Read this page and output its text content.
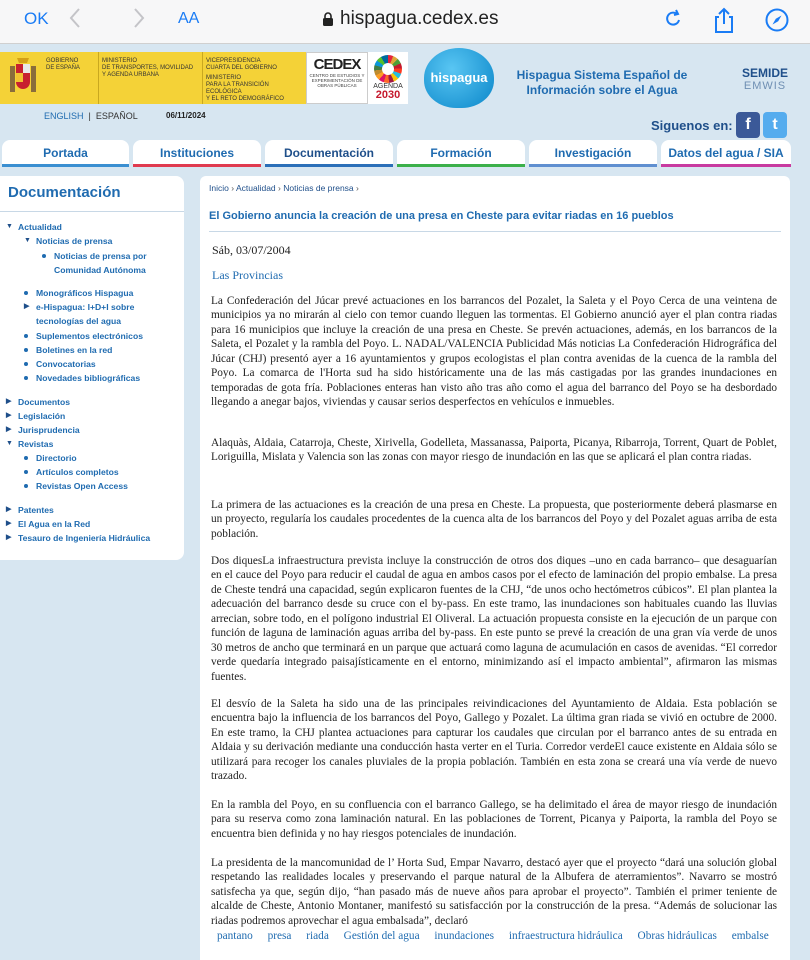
OK	AA	hispagua.cedex.es
GOBIERNO
DE ESPAÑA
MINISTERIO
DE TRANSPORTES, MOVILIDAD
Y AGENDA URBANA
VICEPRESIDENCIA
CUARTA DEL GOBIERNO
MINISTERIO
PARA LA TRANSICIÓN ECOLÓGICA
Y EL RETO DEMOGRÁFICO
CEDEX
CENTRO DE ESTUDIOS Y EXPERIMENTACIÓN DE OBRAS PÚBLICAS	AGENDA
2030
hispagua	Hispagua Sistema Español de Información sobre el Agua
SEMIDE
EMWIS
ENGLISH | ESPAÑOL	06/11/2024
Siguenos en: f	t
Portada	Instituciones	Documentación	Formación	Investigación	Datos del agua / SIA
Documentación
▼ Actualidad
▼ Noticias de prensa
Noticias de prensa por
Comunidad Autónoma
Monográficos Hispagua
▶ e-Hispagua: I+D+I sobre
tecnologías del agua
Suplementos electrónicos
Boletines en la red
Convocatorias
Novedades bibliográficas
▶ Documentos
▶ Legislación
▶ Jurisprudencia
▼ Revistas
Directorio
Artículos completos
Revistas Open Access
▶ Patentes
▶ El Agua en la Red
▶ Tesauro de Ingeniería Hidráulica
Inicio › Actualidad › Noticias de prensa ›
El Gobierno anuncia la creación de una presa en Cheste para evitar riadas en 16 pueblos
Sáb, 03/07/2004
Las Provincias

La Confederación del Júcar prevé actuaciones en los barrancos del Pozalet, la Saleta y el Poyo Cerca de una veintena de municipios ya no mirarán al cielo con temor cuando lleguen las tormentas. El Gobierno anunció ayer el plan contra riadas para 16 municipios que incluye la creación de una presa en Cheste. Se prevén actuaciones, además, en los barrancos de la Saleta, el Pozalet y la rambla del Poyo. L. NADAL/VALENCIA Publicidad Más noticias La Confederación Hidrográfica del Júcar (CHJ) presentó ayer a 16 ayuntamientos y grupos ecologistas el plan contra avenidas de la cuenca de la rambla del Poyo. La comarca de l'Horta sud ha sido históricamente una de las más castigadas por las grandes inundaciones en temporadas de gota fría. Poblaciones enteras han visto año tras año como el agua del barranco del Poyo se ha desbordado llegando a anegar bajos, viviendas y causar serios desperfectos en vehículos e inmuebles.

Alaquàs, Aldaia, Catarroja, Cheste, Xirivella, Godelleta, Massanassa, Paiporta, Picanya, Ribarroja, Torrent, Quart de Poblet, Loriguilla, Mislata y Valencia son las zonas con mayor riesgo de inundación en las que se aplicará el plan contra riadas.

La primera de las actuaciones es la creación de una presa en Cheste. La propuesta, que posteriormente deberá plasmarse en un proyecto, regularía los caudales procedentes de la cuenca alta de los barrancos del Poyo y del Pozalet aguas arriba de esta población.

Dos diquesLa infraestructura prevista incluye la construcción de otros dos diques –uno en cada barranco– que desaguarían en el cauce del Poyo para reducir el caudal de agua en ambos casos por el efecto de laminación del propio embalse. La presa de Cheste tendrá una capacidad, según explicaron fuentes de la CHJ, “de unos ocho hectómetros cúbicos”. El plan plantea la adecuación del barranco desde su cruce con el by-pass. En este tramo, las inundaciones son habituales cuando las lluvias arrecian, sobre todo, en el polígono industrial El Oliveral. La actuación propuesta consiste en la ejecución de un parque con función de laguna de laminación aguas arriba del by-pass. En este punto se prevé la creación de una gran vía verde de unos 30 metros de ancho que terminará en un parque que actuará como laguna de acumulación en casos de avenidas. “El corredor verde quedaría integrado paisajísticamente en el entorno, minimizando así el impacto ambiental”, afirmaron las mismas fuentes.

El desvío de la Saleta ha sido una de las principales reivindicaciones del Ayuntamiento de Aldaia. Esta población se encuentra bajo la influencia de los barrancos del Poyo, Gallego y Pozalet. La última gran riada se vivió en octubre de 2000. En este tramo, la CHJ plantea actuaciones para capturar los caudales que circulan por el barranco antes de su entrada en Aldaia y su derivación mediante una conducción hasta verter en el Turia. Corredor verdeEl cauce existente en Aldaia sólo se utilizará para recoger los canales pluviales de la propia población. También en esta zona se creará una vía verde de nuevo trazado.

En la rambla del Poyo, en su confluencia con el barranco Gallego, se ha delimitado el área de mayor riesgo de inundación para su reserva como zona laminación natural. En las poblaciones de Torrent, Picanya y Paiporta, la rambla del Poyo se encuentra bien definida y no hay riesgos potenciales de inundación.

La presidenta de la mancomunidad de l’ Horta Sud, Empar Navarro, destacó ayer que el proyecto “dará una solución global respetando las realidades locales y preservando el parque natural de la Albufera de aterramientos”. Navarro se mostró satisfecha ya que, según dijo, “han pasado más de nueve años para aprobar el proyecto”. También el primer teniente de alcalde de Cheste, Antonio Montaner, manifestó su satisfacción por la construcción de la presa. “Además de solucionar las riadas podremos aprovechar el agua embalsada”, declaró

pantano presa riada Gestión del agua inundaciones infraestructura hidráulica Obras hidráulicas embalse
